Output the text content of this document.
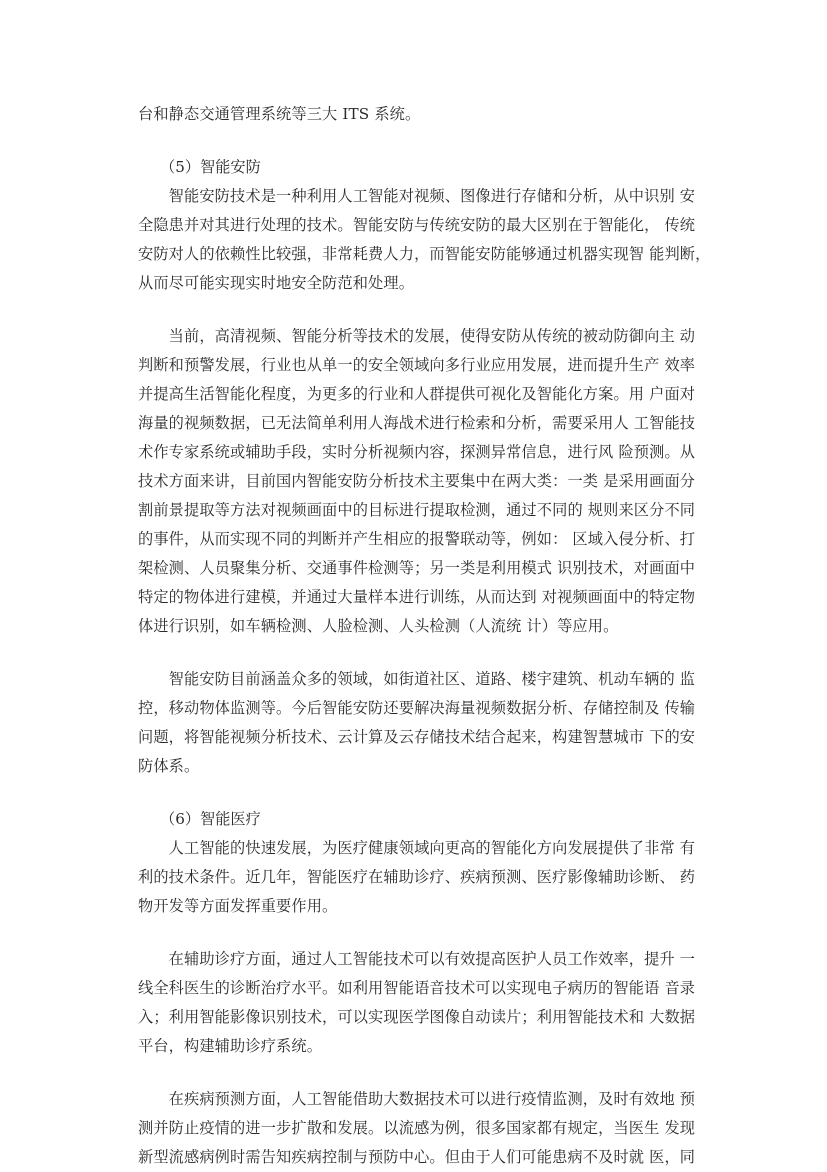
台和静态交通管理系统等三大 ITS 系统。

（5）智能安防

　　智能安防技术是一种利用人工智能对视频、图像进行存储和分析，从中识别 安
全隐患并对其进行处理的技术。智能安防与传统安防的最大区别在于智能化， 传统
安防对人的依赖性比较强，非常耗费人力，而智能安防能够通过机器实现智 能判断，
从而尽可能实现实时地安全防范和处理。

　　当前，高清视频、智能分析等技术的发展，使得安防从传统的被动防御向主 动
判断和预警发展，行业也从单一的安全领域向多行业应用发展，进而提升生产 效率
并提高生活智能化程度，为更多的行业和人群提供可视化及智能化方案。用 户面对
海量的视频数据，已无法简单利用人海战术进行检索和分析，需要采用人 工智能技
术作专家系统或辅助手段，实时分析视频内容，探测异常信息，进行风 险预测。从
技术方面来讲，目前国内智能安防分析技术主要集中在两大类：一类 是采用画面分
割前景提取等方法对视频画面中的目标进行提取检测，通过不同的 规则来区分不同
的事件，从而实现不同的判断并产生相应的报警联动等，例如： 区域入侵分析、打
架检测、人员聚集分析、交通事件检测等；另一类是利用模式 识别技术，对画面中
特定的物体进行建模，并通过大量样本进行训练，从而达到 对视频画面中的特定物
体进行识别，如车辆检测、人脸检测、人头检测（人流统 计）等应用。

　　智能安防目前涵盖众多的领域，如街道社区、道路、楼宇建筑、机动车辆的 监
控，移动物体监测等。今后智能安防还要解决海量视频数据分析、存储控制及 传输
问题，将智能视频分析技术、云计算及云存储技术结合起来，构建智慧城市 下的安
防体系。

（6）智能医疗

　　人工智能的快速发展，为医疗健康领域向更高的智能化方向发展提供了非常 有
利的技术条件。近几年，智能医疗在辅助诊疗、疾病预测、医疗影像辅助诊断、 药
物开发等方面发挥重要作用。

　　在辅助诊疗方面，通过人工智能技术可以有效提高医护人员工作效率，提升 一
线全科医生的诊断治疗水平。如利用智能语音技术可以实现电子病历的智能语 音录
入；利用智能影像识别技术，可以实现医学图像自动读片；利用智能技术和 大数据
平台，构建辅助诊疗系统。

　　在疾病预测方面，人工智能借助大数据技术可以进行疫情监测，及时有效地 预
测并防止疫情的进一步扩散和发展。以流感为例，很多国家都有规定，当医生 发现
新型流感病例时需告知疾病控制与预防中心。但由于人们可能患病不及时就 医，同
